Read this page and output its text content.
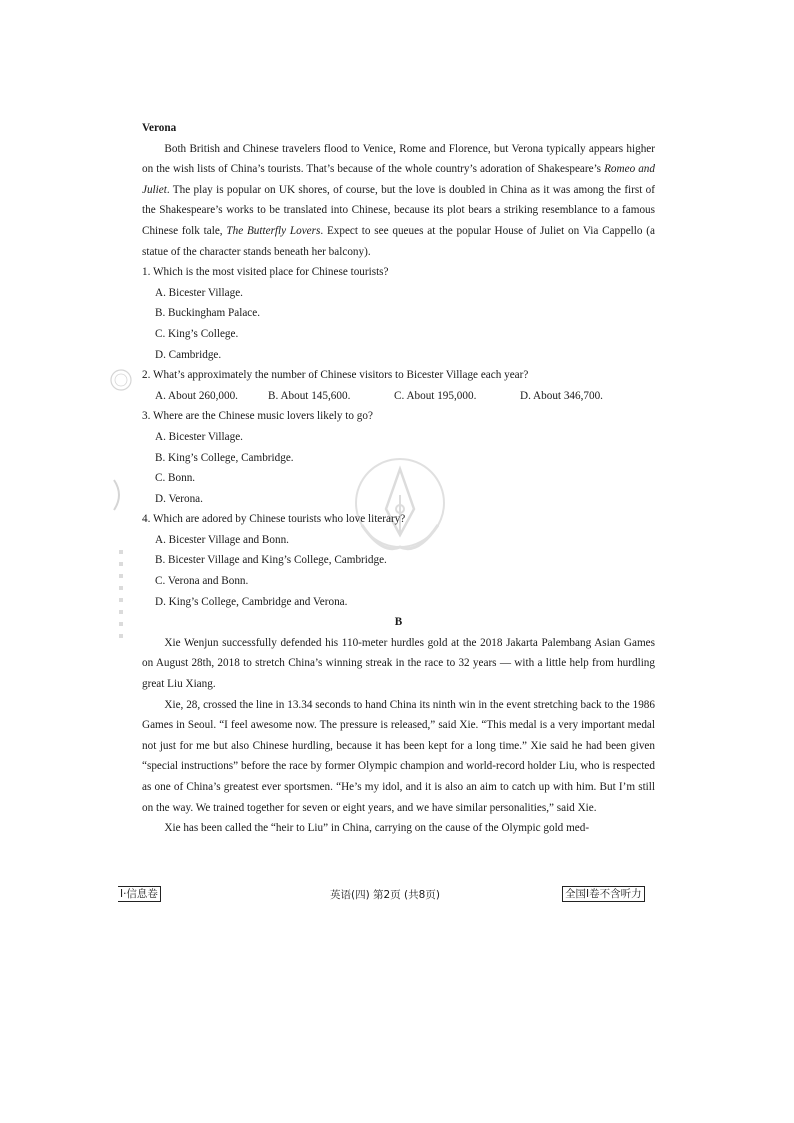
Verona

Both British and Chinese travelers flood to Venice, Rome and Florence, but Verona typically appears higher on the wish lists of China’s tourists. That’s because of the whole country’s adoration of Shakespeare’s Romeo and Juliet. The play is popular on UK shores, of course, but the love is doubled in China as it was among the first of the Shakespeare’s works to be translated into Chinese, because its plot bears a striking resemblance to a famous Chinese folk tale, The Butterfly Lovers. Expect to see queues at the popular House of Juliet on Via Cappello (a statue of the character stands beneath her balcony).

1. Which is the most visited place for Chinese tourists?
A. Bicester Village.
B. Buckingham Palace.
C. King’s College.
D. Cambridge.
2. What’s approximately the number of Chinese visitors to Bicester Village each year?
A. About 260,000.	B. About 145,600.	C. About 195,000.	D. About 346,700.
3. Where are the Chinese music lovers likely to go?
A. Bicester Village.
B. King’s College, Cambridge.
C. Bonn.
D. Verona.
4. Which are adored by Chinese tourists who love literary?
A. Bicester Village and Bonn.
B. Bicester Village and King’s College, Cambridge.
C. Verona and Bonn.
D. King’s College, Cambridge and Verona.
B

Xie Wenjun successfully defended his 110-meter hurdles gold at the 2018 Jakarta Palembang Asian Games on August 28th, 2018 to stretch China’s winning streak in the race to 32 years — with a little help from hurdling great Liu Xiang.

Xie, 28, crossed the line in 13.34 seconds to hand China its ninth win in the event stretching back to the 1986 Games in Seoul. “I feel awesome now. The pressure is released,” said Xie. “This medal is a very important medal not just for me but also Chinese hurdling, because it has been kept for a long time.” Xie said he had been given “special instructions” before the race by former Olympic champion and world-record holder Liu, who is respected as one of China’s greatest ever sportsmen. “He’s my idol, and it is also an aim to catch up with him. But I’m still on the way. We trained together for seven or eight years, and we have similar personalities,” said Xie.

Xie has been called the “heir to Liu” in China, carrying on the cause of the Olympic gold med-

Ⅰ·信息卷	英语(四) 第2页 (共8页)	全国Ⅰ卷不含听力
